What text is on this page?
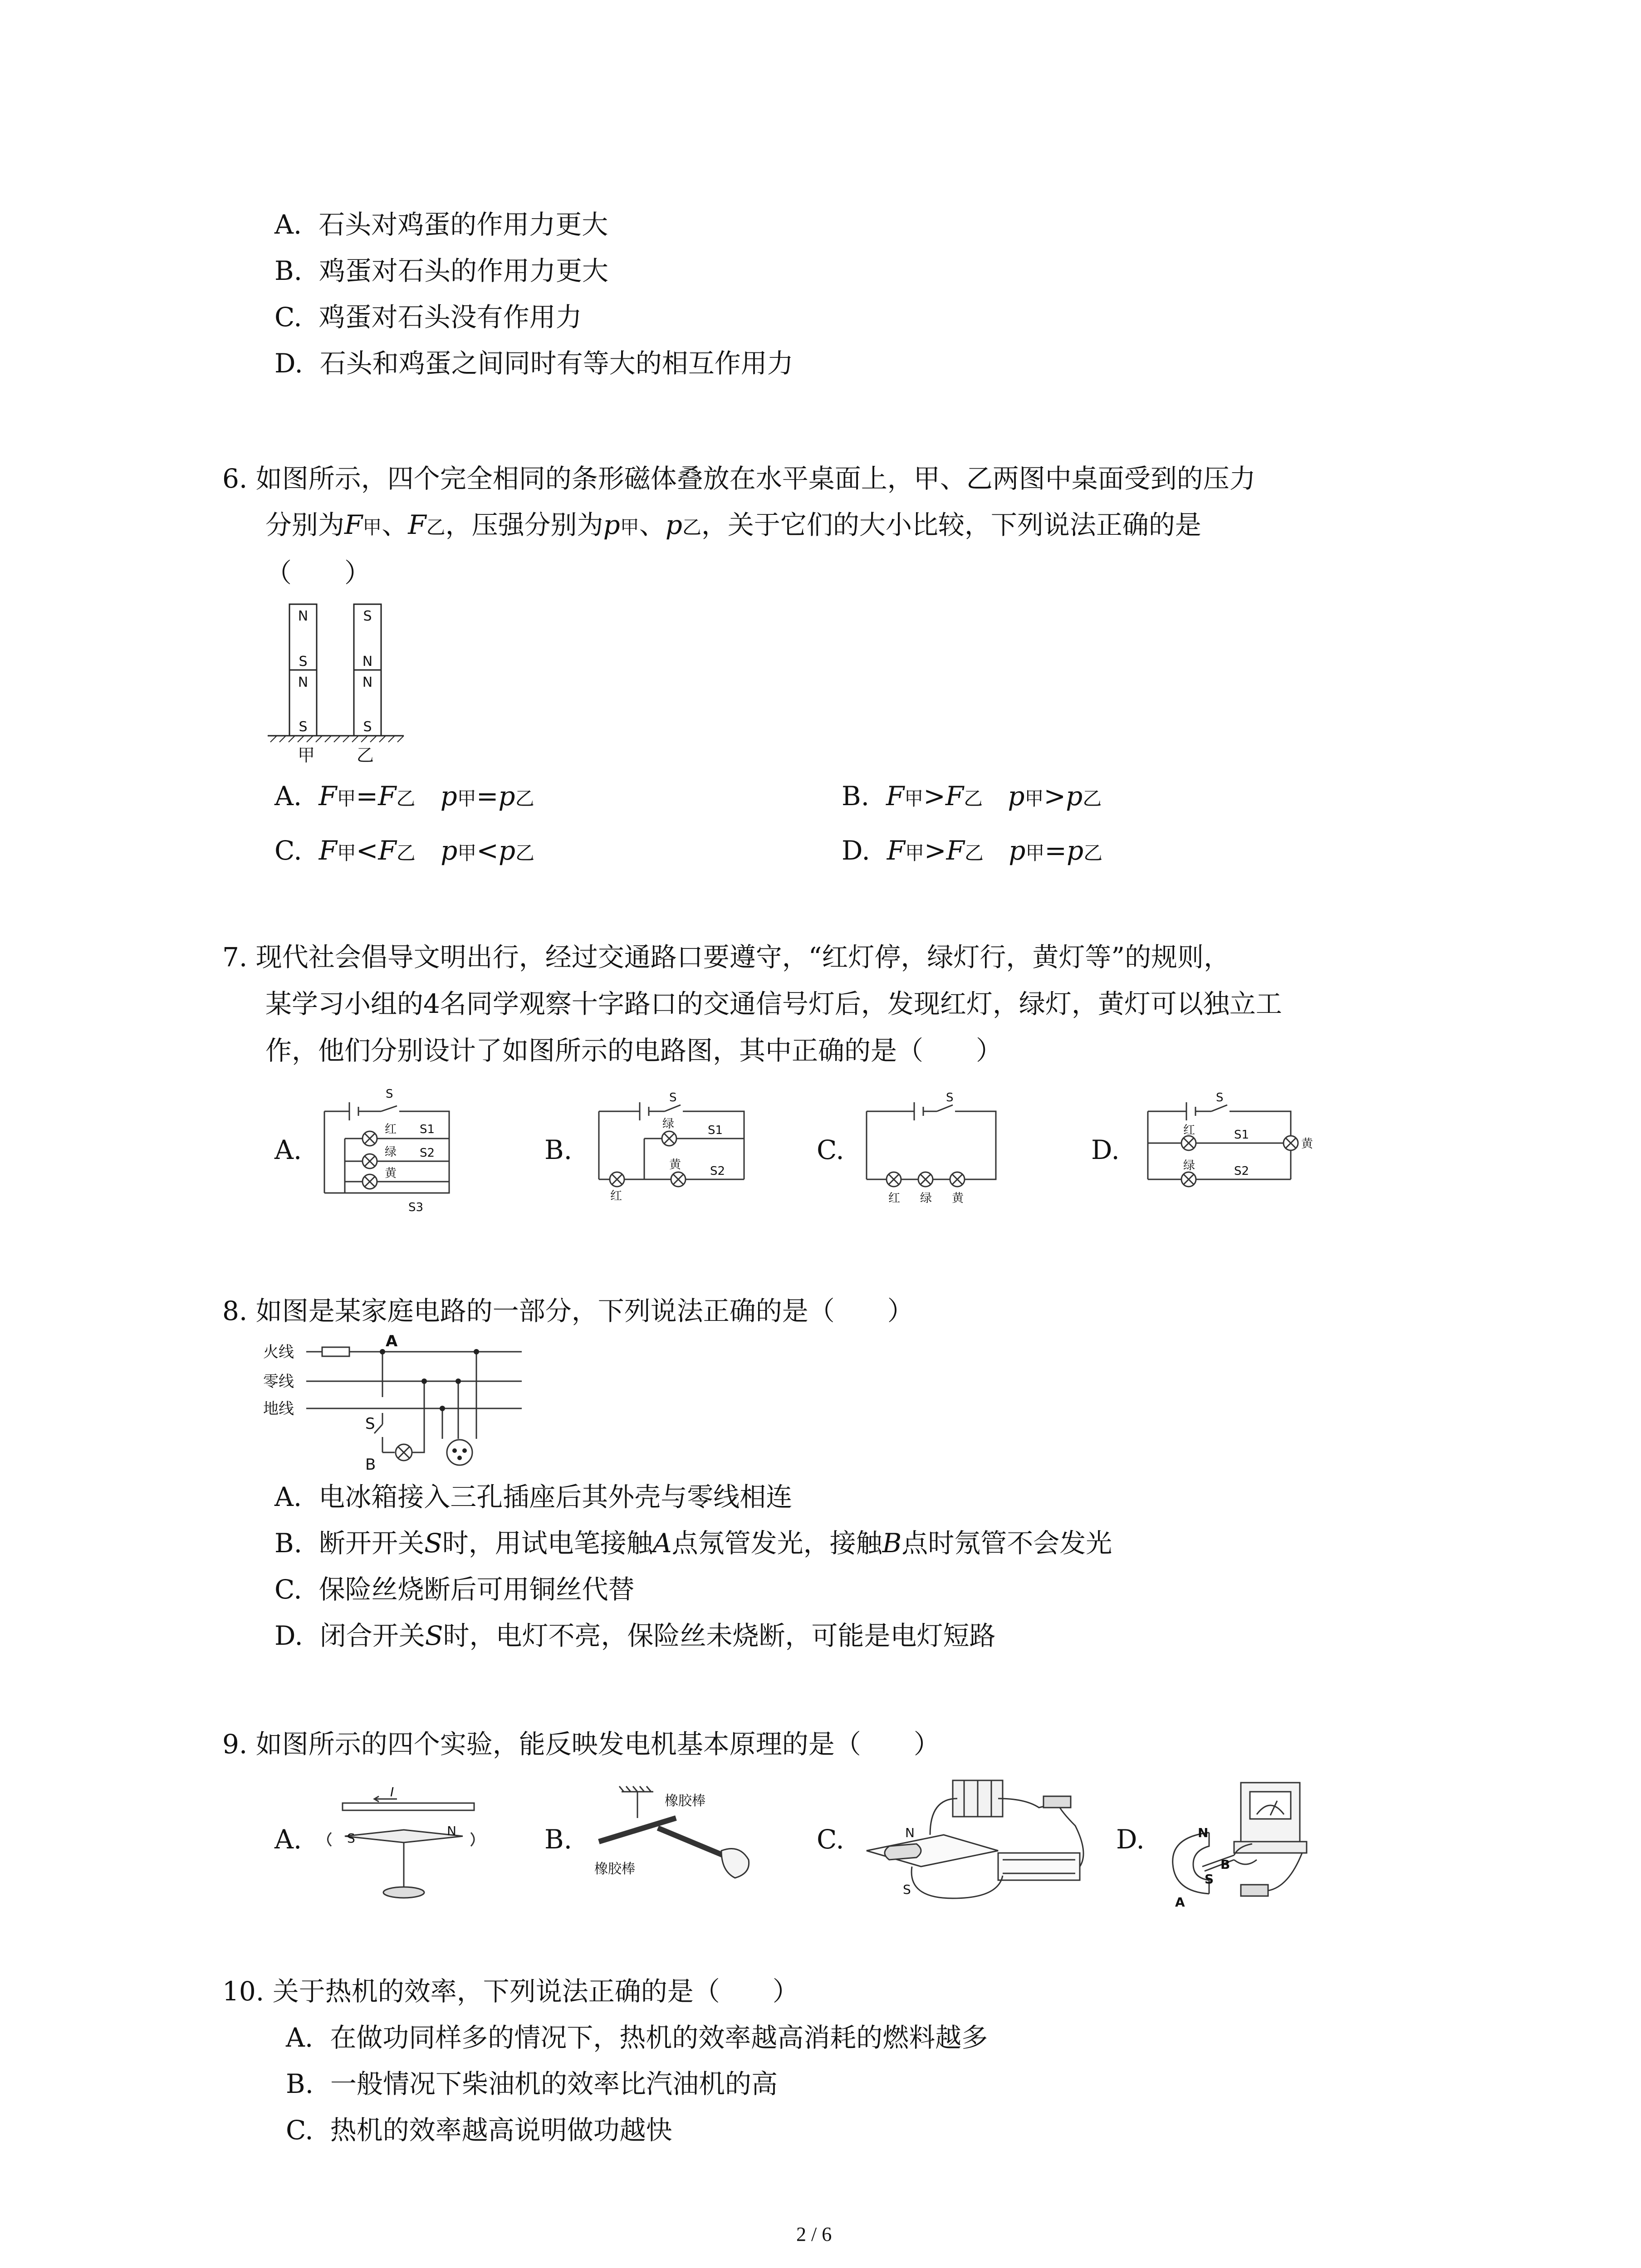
A. 石头对鸡蛋的作用力更大
B. 鸡蛋对石头的作用力更大
C. 鸡蛋对石头没有作用力
D. 石头和鸡蛋之间同时有等大的相互作用力
6. 如图所示，四个完全相同的条形磁体叠放在水平桌面上，甲、乙两图中桌面受到的压力
分别为F甲、F乙，压强分别为p甲、p乙，关于它们的大小比较，下列说法正确的是
（　　）
N
S
N
S
S
N
N
S
甲 乙
A. F甲=F乙 p甲=p乙	B. F甲>F乙 p甲>p乙
C. F甲<F乙 p甲<p乙	D. F甲>F乙 p甲=p乙
7. 现代社会倡导文明出行，经过交通路口要遵守，“红灯停，绿灯行，黄灯等”的规则，
某学习小组的4名同学观察十字路口的交通信号灯后，发现红灯，绿灯，黄灯可以独立工
作，他们分别设计了如图所示的电路图，其中正确的是（　　）
A.	B.	C.	D.
S
红
绿
黄
S1
S2
S3
S
绿	S1
黄 S2
红
S
红 绿 黄
S
红	S1
黄
绿	S2
8. 如图是某家庭电路的一部分，下列说法正确的是（　　）
火线
零线
地线
A
S
B
A. 电冰箱接入三孔插座后其外壳与零线相连
B. 断开开关S时，用试电笔接触A点氖管发光，接触B点时氖管不会发光
C. 保险丝烧断后可用铜丝代替
D. 闭合开关S时，电灯不亮，保险丝未烧断，可能是电灯短路
9. 如图所示的四个实验，能反映发电机基本原理的是（　　）
A.	B.	C.	D.
I
S	N
橡胶棒
橡胶棒
N
S
N
S
A
B
10. 关于热机的效率，下列说法正确的是（　　）
A. 在做功同样多的情况下，热机的效率越高消耗的燃料越多
B. 一般情况下柴油机的效率比汽油机的高
C. 热机的效率越高说明做功越快
2 / 6
